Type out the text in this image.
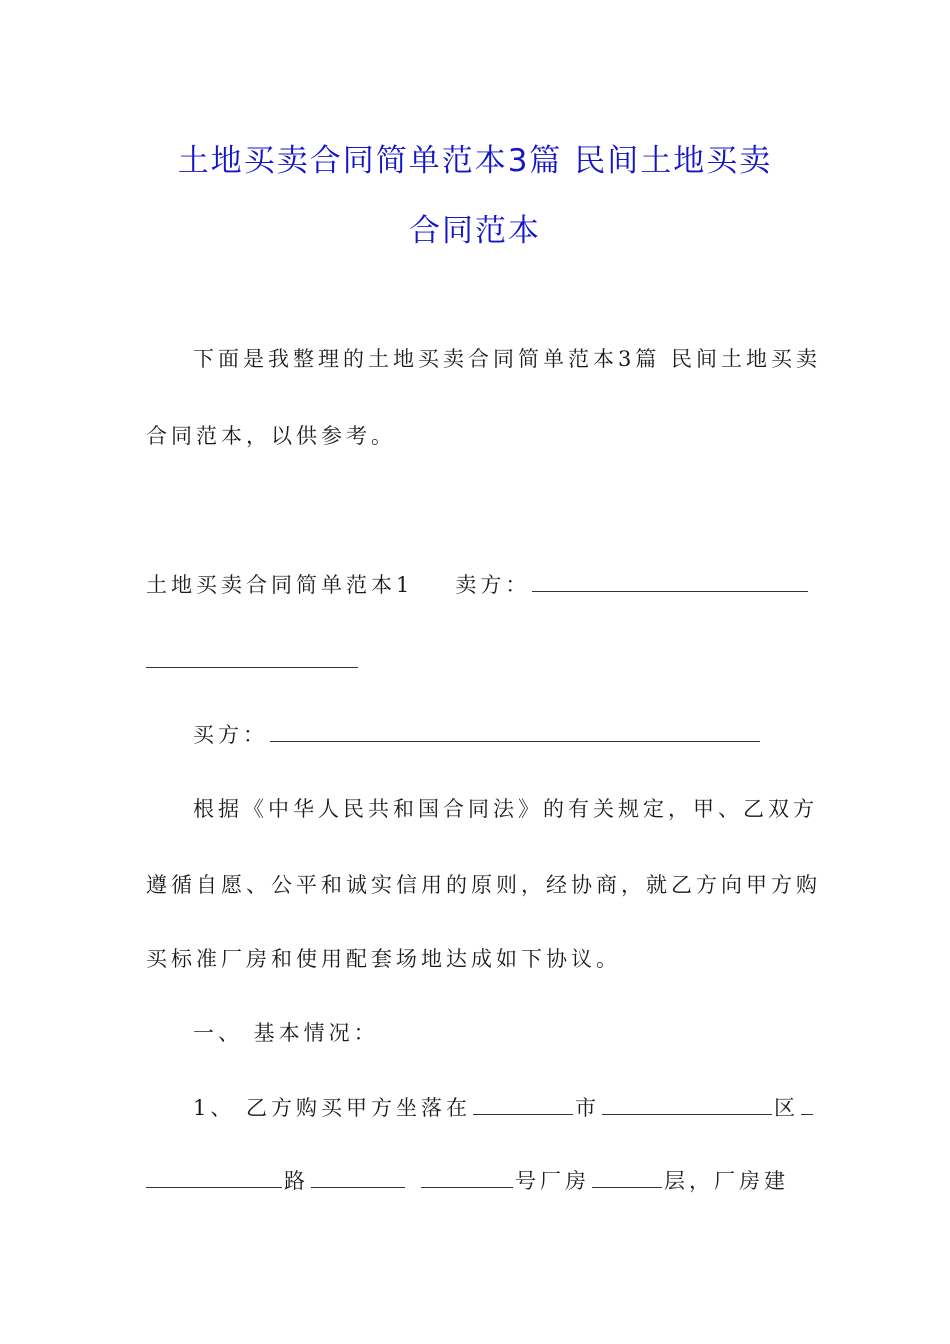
土地买卖合同简单范本3篇 民间土地买卖
合同范本
下面是我整理的土地买卖合同简单范本3篇 民间土地买卖
合同范本，以供参考。
土地买卖合同简单范本1 卖方：
买方：
根据《中华人民共和国合同法》的有关规定，甲、乙双方
遵循自愿、公平和诚实信用的原则，经协商，就乙方向甲方购
买标准厂房和使用配套场地达成如下协议。
一、 基本情况：
1、 乙方购买甲方坐落在	市	区
路	号厂房	层，厂房建
